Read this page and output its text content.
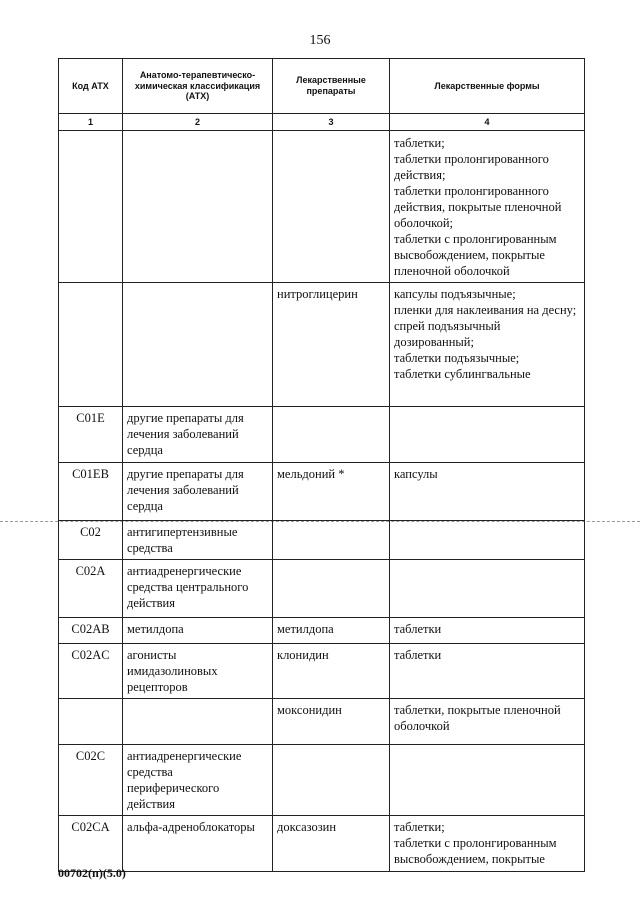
156
Код АТХ	Анатомо-терапевтическо-химическая классификация (АТХ)	Лекарственные препараты	Лекарственные формы
1	2	3	4
			таблетки;
таблетки пролонгированного действия;
таблетки пролонгированного действия, покрытые пленочной оболочкой;
таблетки с пролонгированным высвобождением, покрытые пленочной оболочкой
		нитроглицерин	капсулы подъязычные;
пленки для наклеивания на десну;
спрей подъязычный дозированный;
таблетки подъязычные;
таблетки сублингвальные
C01E	другие препараты для лечения заболеваний сердца		
C01EB	другие препараты для лечения заболеваний сердца	мельдоний *	капсулы
C02	антигипертензивные средства		
C02A	антиадренергические средства центрального действия		
C02AB	метилдопа	метилдопа	таблетки
C02AC	агонисты имидазолиновых рецепторов	клонидин	таблетки
		моксонидин	таблетки, покрытые пленочной оболочкой
C02C	антиадренергические средства периферического действия		
C02CA	альфа-адреноблокаторы	доксазозин	таблетки;
таблетки с пролонгированным высвобождением, покрытые
00702(п)(5.0)
